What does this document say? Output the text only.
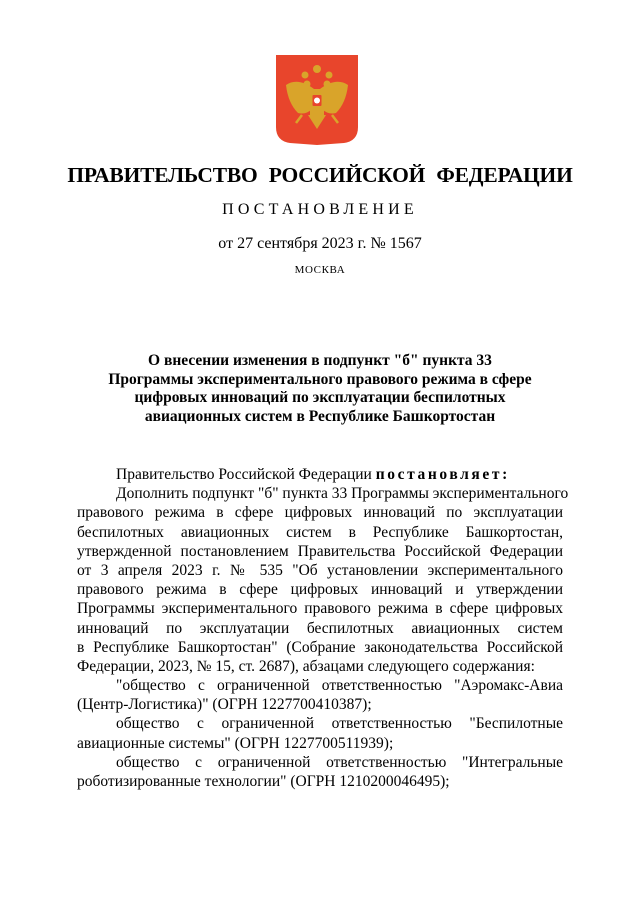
ПРАВИТЕЛЬСТВО РОССИЙСКОЙ ФЕДЕРАЦИИ
ПОСТАНОВЛЕНИЕ
от 27 сентября 2023 г. № 1567
МОСКВА
О внесении изменения в подпункт "б" пункта 33
Программы экспериментального правового режима в сфере
цифровых инноваций по эксплуатации беспилотных
авиационных систем в Республике Башкортостан
Правительство Российской Федерации постановляет:
Дополнить подпункт "б" пункта 33 Программы экспериментального
правового режима в сфере цифровых инноваций по эксплуатации
беспилотных авиационных систем в Республике Башкортостан,
утвержденной постановлением Правительства Российской Федерации
от 3 апреля 2023 г. № 535 "Об установлении экспериментального
правового режима в сфере цифровых инноваций и утверждении
Программы экспериментального правового режима в сфере цифровых
инноваций по эксплуатации беспилотных авиационных систем
в Республике Башкортостан" (Собрание законодательства Российской
Федерации, 2023, № 15, ст. 2687), абзацами следующего содержания:
"общество с ограниченной ответственностью "Аэромакс-Авиа
(Центр-Логистика)" (ОГРН 1227700410387);
общество с ограниченной ответственностью "Беспилотные
авиационные системы" (ОГРН 1227700511939);
общество с ограниченной ответственностью "Интегральные
роботизированные технологии" (ОГРН 1210200046495);
